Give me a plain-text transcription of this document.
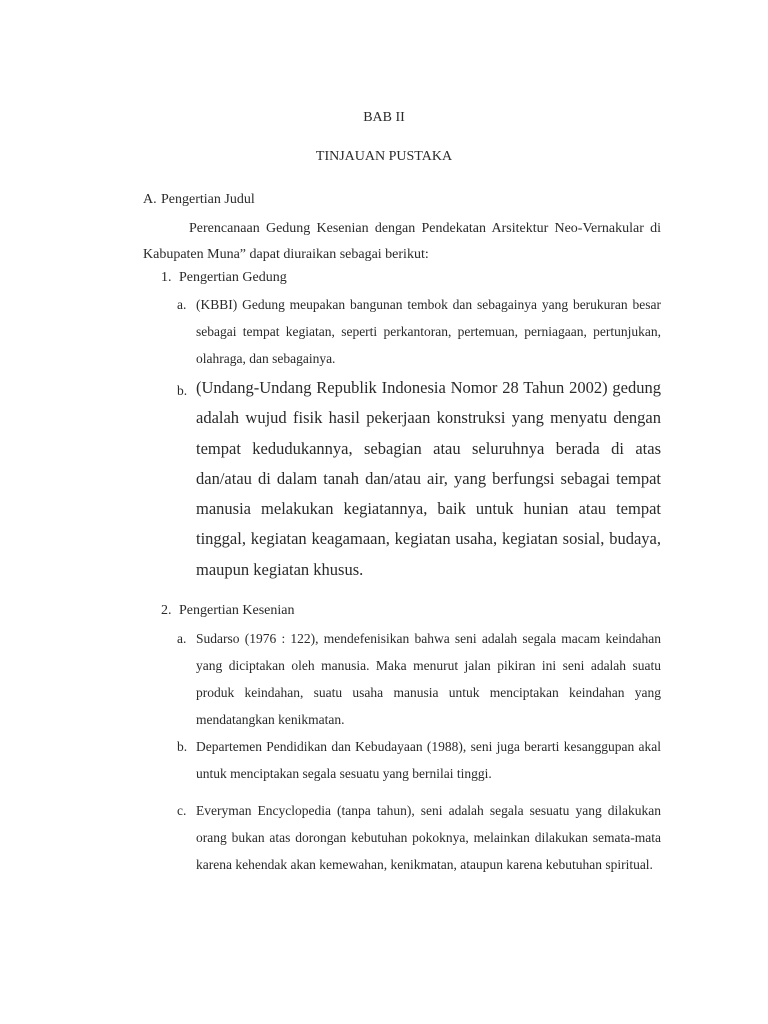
BAB II
TINJAUAN PUSTAKA
A. Pengertian Judul

Perencanaan Gedung Kesenian dengan Pendekatan Arsitektur Neo-Vernakular di Kabupaten Muna” dapat diuraikan sebagai berikut:

1. Pengertian Gedung
a. (KBBI) Gedung meupakan bangunan tembok dan sebagainya yang berukuran besar sebagai tempat kegiatan, seperti perkantoran, pertemuan, perniagaan, pertunjukan, olahraga, dan sebagainya.

b. (Undang-Undang Republik Indonesia Nomor 28 Tahun 2002) gedung adalah wujud fisik hasil pekerjaan konstruksi yang menyatu dengan tempat kedudukannya, sebagian atau seluruhnya berada di atas dan/atau di dalam tanah dan/atau air, yang berfungsi sebagai tempat manusia melakukan kegiatannya, baik untuk hunian atau tempat tinggal, kegiatan keagamaan, kegiatan usaha, kegiatan sosial, budaya, maupun kegiatan khusus.

2. Pengertian Kesenian
a. Sudarso (1976 : 122), mendefenisikan bahwa seni adalah segala macam keindahan yang diciptakan oleh manusia. Maka menurut jalan pikiran ini seni adalah suatu produk keindahan, suatu usaha manusia untuk menciptakan keindahan yang mendatangkan kenikmatan.

b. Departemen Pendidikan dan Kebudayaan (1988), seni juga berarti kesanggupan akal untuk menciptakan segala sesuatu yang bernilai tinggi.

c. Everyman Encyclopedia (tanpa tahun), seni adalah segala sesuatu yang dilakukan orang bukan atas dorongan kebutuhan pokoknya, melainkan dilakukan semata-mata karena kehendak akan kemewahan, kenikmatan, ataupun karena kebutuhan spiritual.
